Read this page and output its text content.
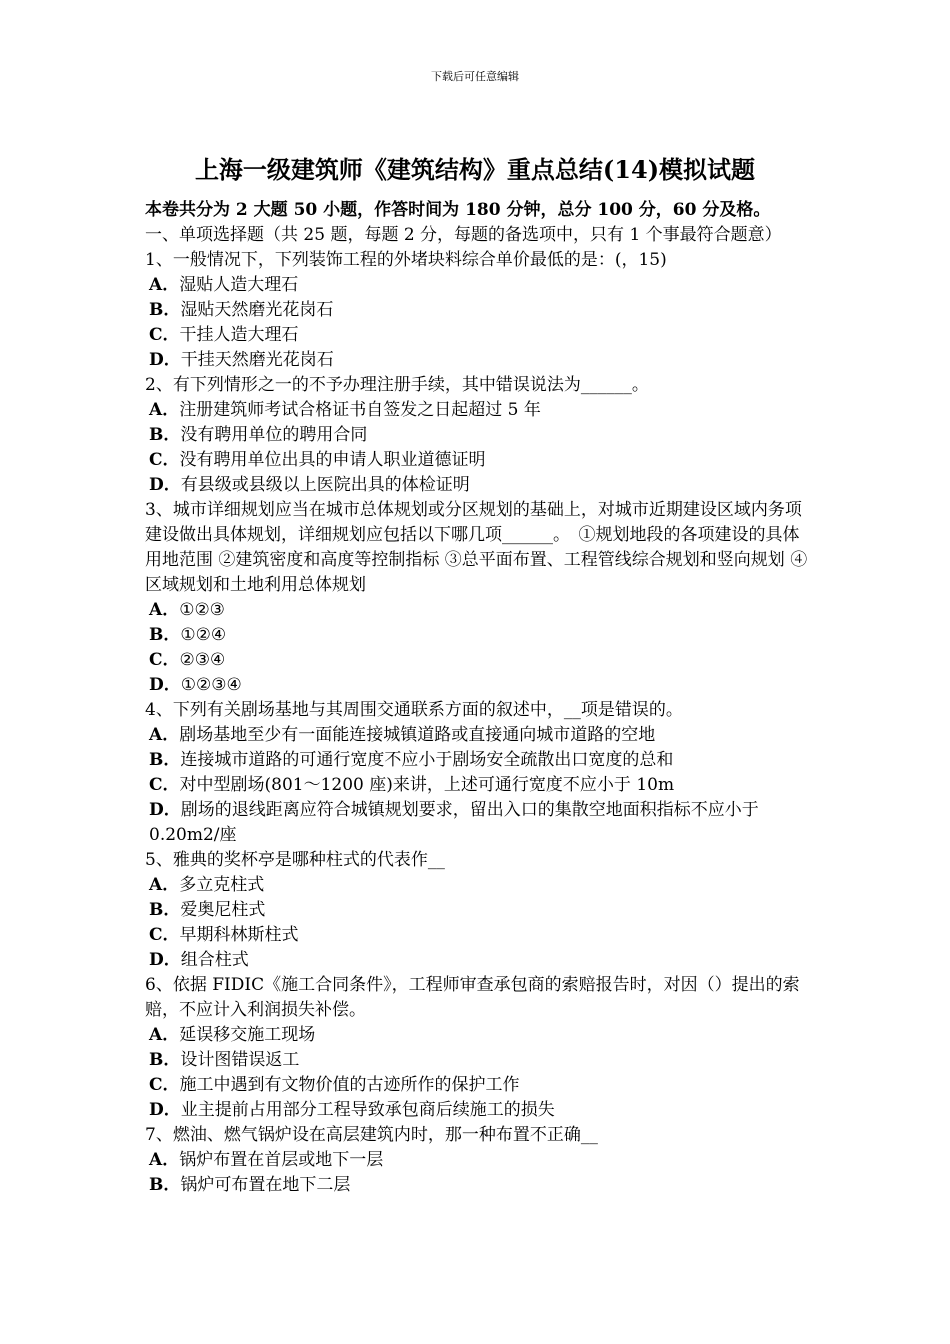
下载后可任意编辑
上海一级建筑师《建筑结构》重点总结(14)模拟试题

本卷共分为 2 大题 50 小题，作答时间为 180 分钟，总分 100 分，60 分及格。

一、单项选择题（共 25 题，每题 2 分，每题的备选项中，只有 1 个事最符合题意）

1、一般情况下，下列装饰工程的外堵块料综合单价最低的是：(，15)

A．湿贴人造大理石

B．湿贴天然磨光花岗石

C．干挂人造大理石

D．干挂天然磨光花岗石

2、有下列情形之一的不予办理注册手续，其中错误说法为______。

A．注册建筑师考试合格证书自签发之日起超过 5 年

B．没有聘用单位的聘用合同

C．没有聘用单位出具的申请人职业道德证明

D．有县级或县级以上医院出具的体检证明

3、城市详细规划应当在城市总体规划或分区规划的基础上，对城市近期建设区域内务项建设做出具体规划，详细规划应包括以下哪几项______。　①规划地段的各项建设的具体用地范围 ②建筑密度和高度等控制指标 ③总平面布置、工程管线综合规划和竖向规划 ④区域规划和土地利用总体规划

A．①②③

B．①②④

C．②③④

D．①②③④

4、下列有关剧场基地与其周围交通联系方面的叙述中，__项是错误的。

A．剧场基地至少有一面能连接城镇道路或直接通向城市道路的空地

B．连接城市道路的可通行宽度不应小于剧场安全疏散出口宽度的总和

C．对中型剧场(801～1200 座)来讲，上述可通行宽度不应小于 10m

D．剧场的退线距离应符合城镇规划要求，留出入口的集散空地面积指标不应小于 0.20m2/座

5、雅典的奖杯亭是哪种柱式的代表作__

A．多立克柱式

B．爱奥尼柱式

C．早期科林斯柱式

D．组合柱式

6、依据 FIDIC《施工合同条件》，工程师审查承包商的索赔报告时，对因（）提出的索赔，不应计入利润损失补偿。

A．延误移交施工现场

B．设计图错误返工

C．施工中遇到有文物价值的古迹所作的保护工作

D．业主提前占用部分工程导致承包商后续施工的损失

7、燃油、燃气锅炉设在高层建筑内时，那一种布置不正确__

A．锅炉布置在首层或地下一层

B．锅炉可布置在地下二层
